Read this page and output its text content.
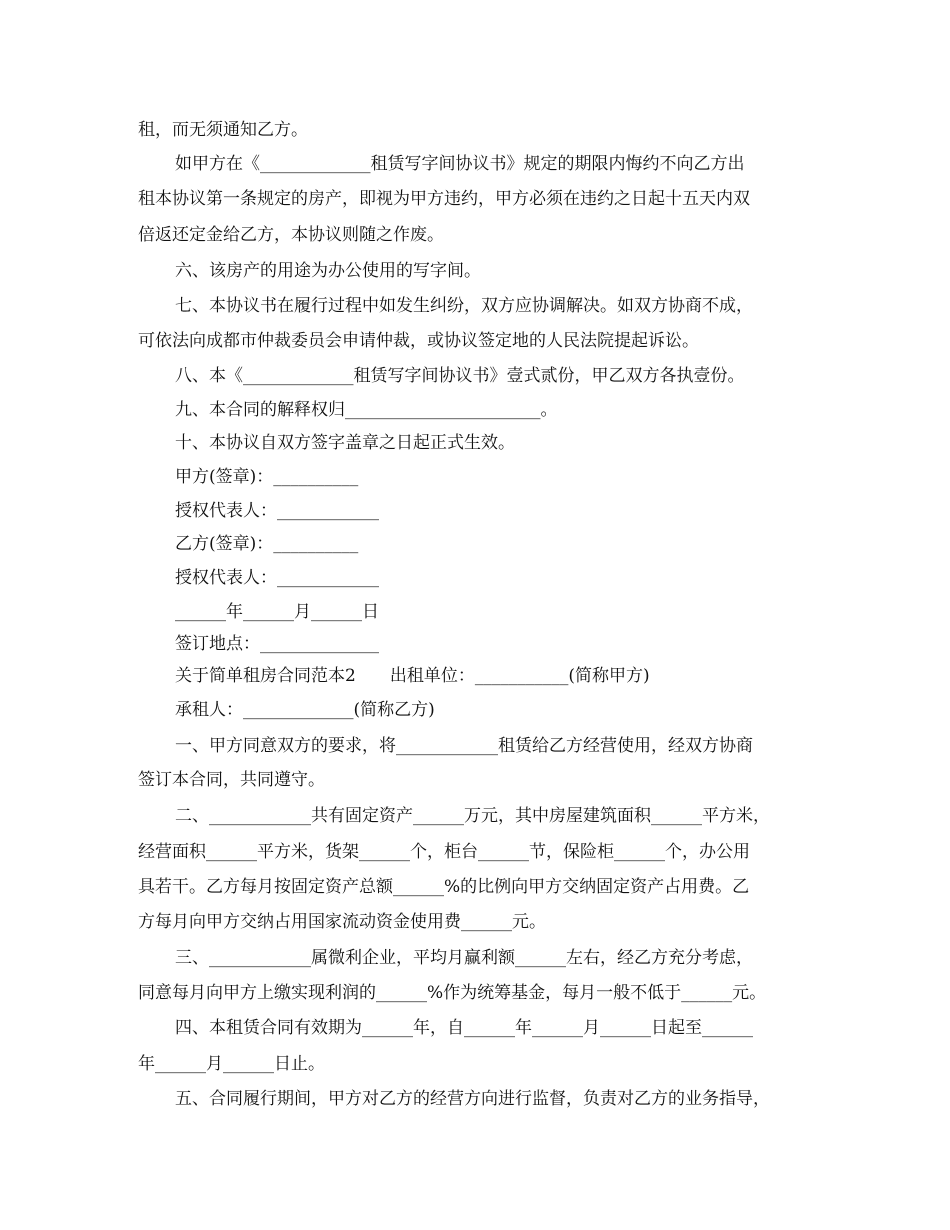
租，而无须通知乙方。
如甲方在《_____________租赁写字间协议书》规定的期限内悔约不向乙方出
租本协议第一条规定的房产，即视为甲方违约，甲方必须在违约之日起十五天内双
倍返还定金给乙方，本协议则随之作废。
六、该房产的用途为办公使用的写字间。
七、本协议书在履行过程中如发生纠纷，双方应协调解决。如双方协商不成，
可依法向成都市仲裁委员会申请仲裁，或协议签定地的人民法院提起诉讼。
八、本《_____________租赁写字间协议书》壹式贰份，甲乙双方各执壹份。
九、本合同的解释权归_______________________。
十、本协议自双方签字盖章之日起正式生效。
甲方(签章)：__________
授权代表人：____________
乙方(签章)：__________
授权代表人：____________
______年______月______日
签订地点：______________
关于简单租房合同范本2　　出租单位：___________(简称甲方)
承租人：_____________(简称乙方)
一、甲方同意双方的要求，将____________租赁给乙方经营使用，经双方协商
签订本合同，共同遵守。
二、____________共有固定资产______万元，其中房屋建筑面积______平方米，
经营面积______平方米，货架______个，柜台______节，保险柜______个，办公用
具若干。乙方每月按固定资产总额______%的比例向甲方交纳固定资产占用费。乙
方每月向甲方交纳占用国家流动资金使用费______元。
三、____________属微利企业，平均月赢利额______左右，经乙方充分考虑，
同意每月向甲方上缴实现利润的______%作为统筹基金，每月一般不低于______元。
四、本租赁合同有效期为______年，自______年______月______日起至______
年______月______日止。
五、合同履行期间，甲方对乙方的经营方向进行监督，负责对乙方的业务指导，
